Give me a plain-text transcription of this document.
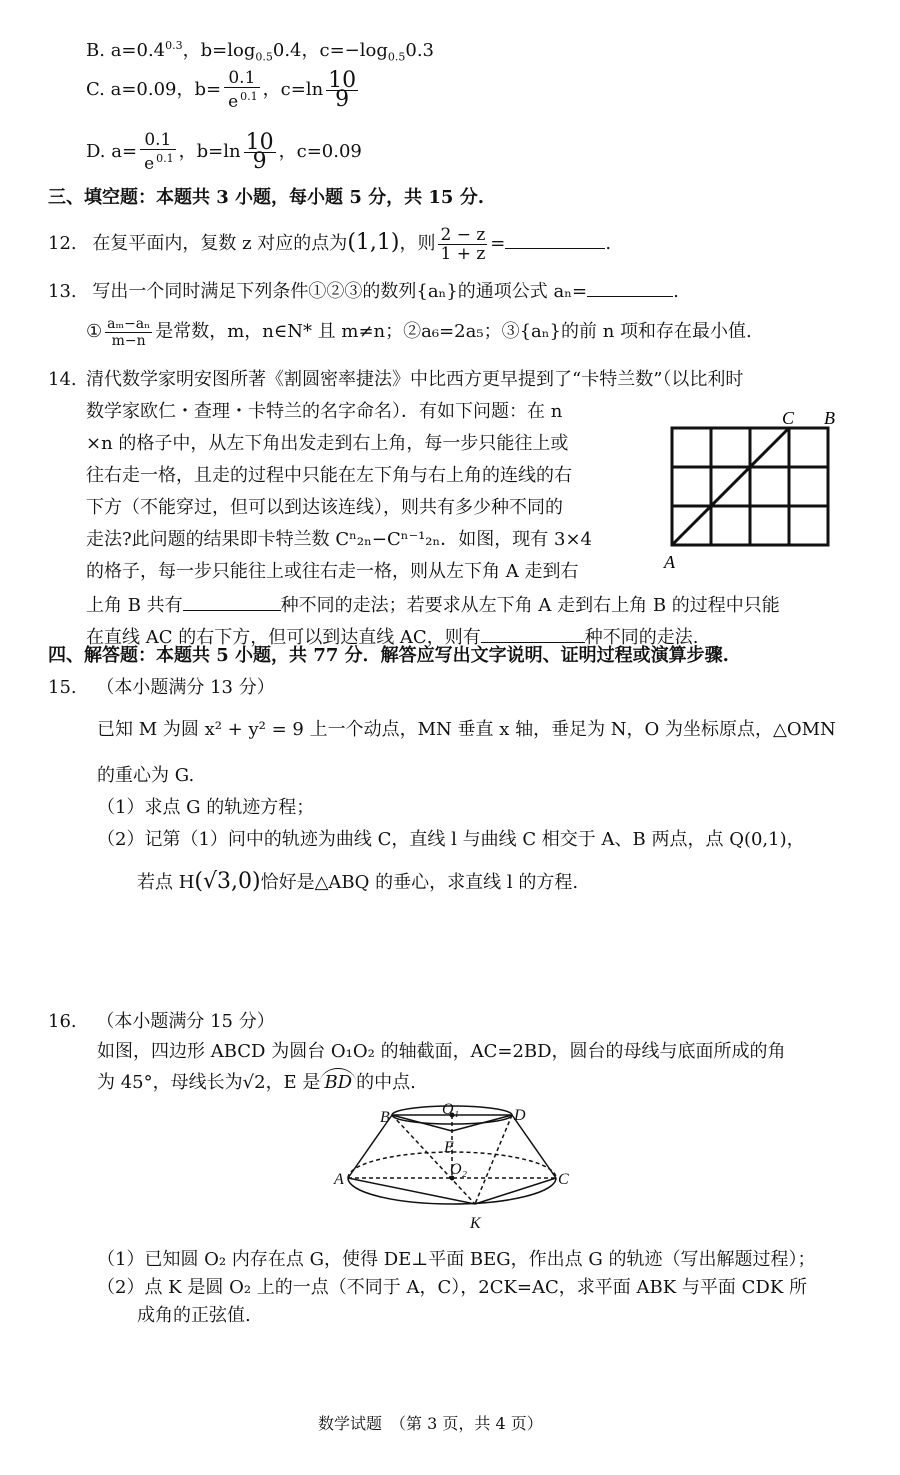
B. $a=0.4^{0.3}$，$b=\log_{0.5}0.4$，$c=-\log_{0.5}0.3$
C. a=0.09，$b= \frac{0.1}{e ^{0.1}}$ ，$c=\ln \frac{10}{9}$
D. $a= \frac{0.1}{e ^{0.1}}$ ，$b=\ln \frac{10}{9}$ ，c=0.09
三、填空题：本题共 3 小题，每小题 5 分，共 15 分.
12. 在复平面内，复数 z 对应的点为(1,1)，则 $\frac{2 - z}{1 + z}$ =	.
13. 写出一个同时满足下列条件①②③的数列{aₙ}的通项公式 aₙ=	.
① $\frac{\text{aₘ−aₙ}}{m-n}$ 是常数，m，n∈N* 且 m≠n；②a₆=2a₅；③{aₙ}的前 n 项和存在最小值.
14. 清代数学家明安图所著《割圆密率捷法》中比西方更早提到了“卡特兰数”（以比利时
数学家欧仁・查理・卡特兰的名字命名）．有如下问题：在 n
×n 的格子中，从左下角出发走到右上角，每一步只能往上或
往右走一格，且走的过程中只能在左下角与右上角的连线的右
下方（不能穿过，但可以到达该连线），则共有多少种不同的
走法?此问题的结果即卡特兰数 Cⁿ₂ₙ−Cⁿ⁻¹₂ₙ．如图，现有 3×4
的格子，每一步只能往上或往右走一格，则从左下角 A 走到右
上角 B 共有	种不同的走法；若要求从左下角 A 走到右上角 B 的过程中只能
在直线 AC 的右下方，但可以到达直线 AC，则有	种不同的走法.
C B
A
四、解答题：本题共 5 小题，共 77 分．解答应写出文字说明、证明过程或演算步骤.
15. （本小题满分 13 分）
已知 M 为圆 x² + y² = 9 上一个动点，MN 垂直 x 轴，垂足为 N，O 为坐标原点，△OMN
的重心为 G.
（1）求点 G 的轨迹方程；
（2）记第（1）问中的轨迹为曲线 C，直线 l 与曲线 C 相交于 A、B 两点，点 Q(0,1)，
若点 H(√3,0)恰好是△ABQ 的垂心，求直线 l 的方程.
16. （本小题满分 15 分）
如图，四边形 ABCD 为圆台 O₁O₂ 的轴截面，AC=2BD，圆台的母线与底面所成的角
为 45°，母线长为√2，E 是 BD 的中点.
B	O₁	D
E
O₂
A	C
K
（1）已知圆 O₂ 内存在点 G，使得 DE⊥平面 BEG，作出点 G 的轨迹（写出解题过程）；
（2）点 K 是圆 O₂ 上的一点（不同于 A，C），2CK=AC，求平面 ABK 与平面 CDK 所
成角的正弦值.
数学试题　（第 3 页，共 4 页）
